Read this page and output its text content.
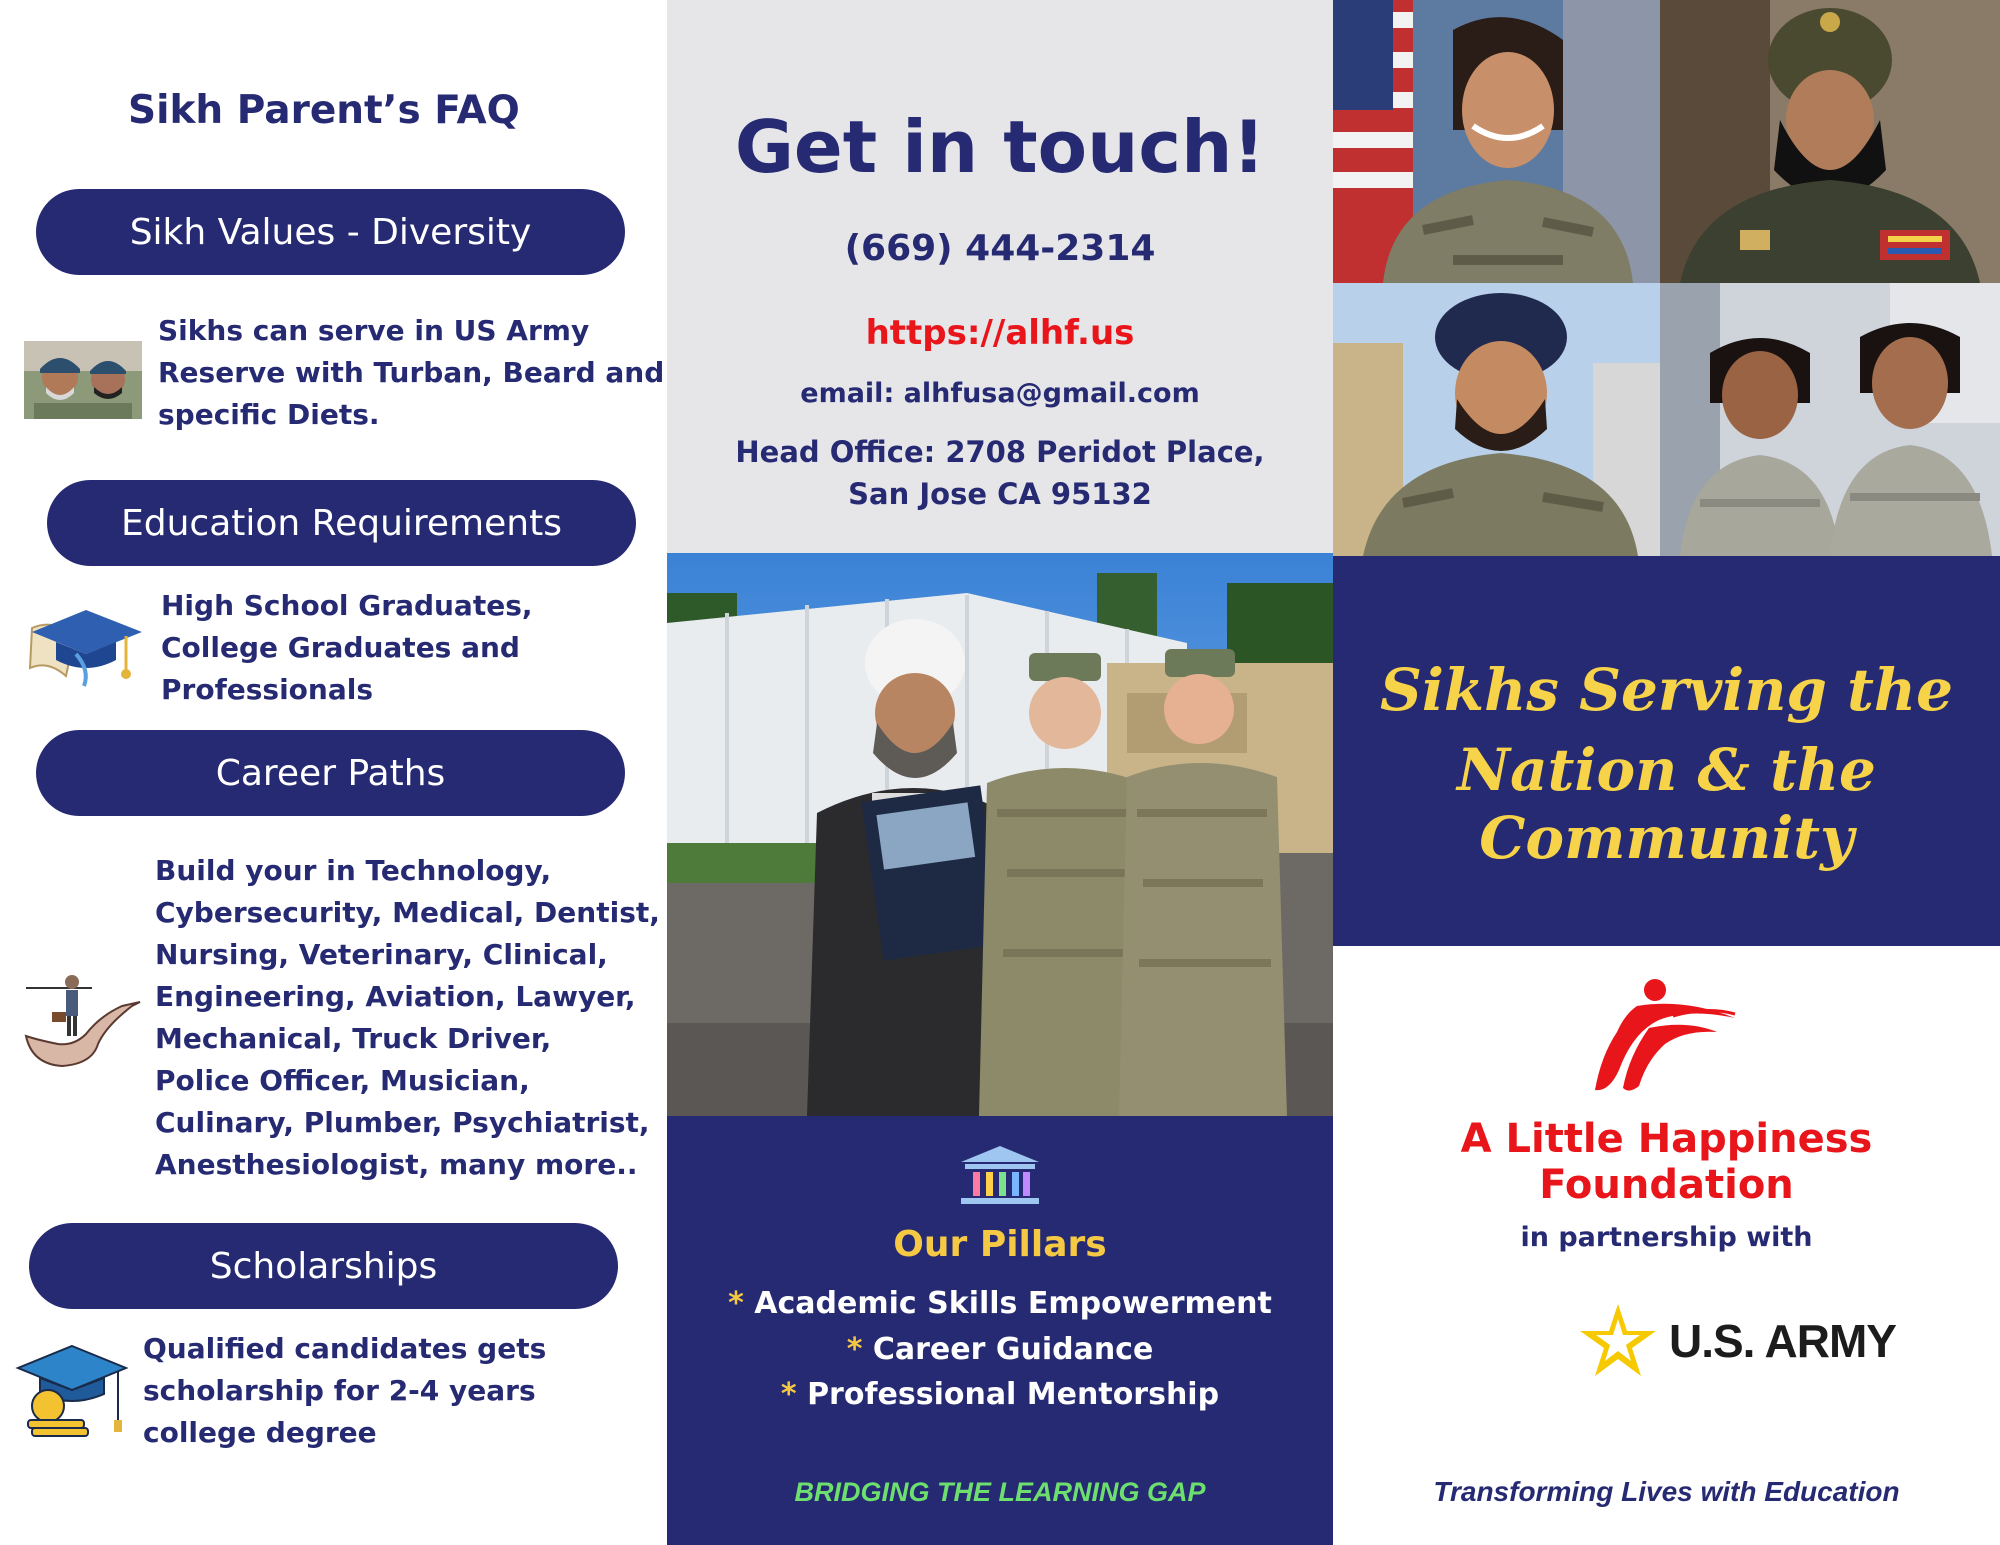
Sikh Parent’s FAQ
Sikh Values - Diversity
Sikhs can serve in US Army
Reserve with Turban, Beard and
specific Diets.
Education Requirements
High School Graduates,
College Graduates and
Professionals
Career Paths
Build your in Technology,
Cybersecurity, Medical, Dentist,
Nursing, Veterinary, Clinical,
Engineering, Aviation, Lawyer,
Mechanical, Truck Driver,
Police Officer, Musician,
Culinary, Plumber, Psychiatrist,
Anesthesiologist, many more..
Scholarships
Qualified candidates gets
scholarship for 2-4 years
college degree
Get in touch!
(669) 444-2314
https://alhf.us
email: alhfusa@gmail.com
Head Office: 2708 Peridot Place,
San Jose CA 95132
Our Pillars
* Academic Skills Empowerment
* Career Guidance
* Professional Mentorship
BRIDGING THE LEARNING GAP
Sikhs Serving the
Nation & the Community
A Little Happiness Foundation
in partnership with
U.S. ARMY
Transforming Lives with Education
